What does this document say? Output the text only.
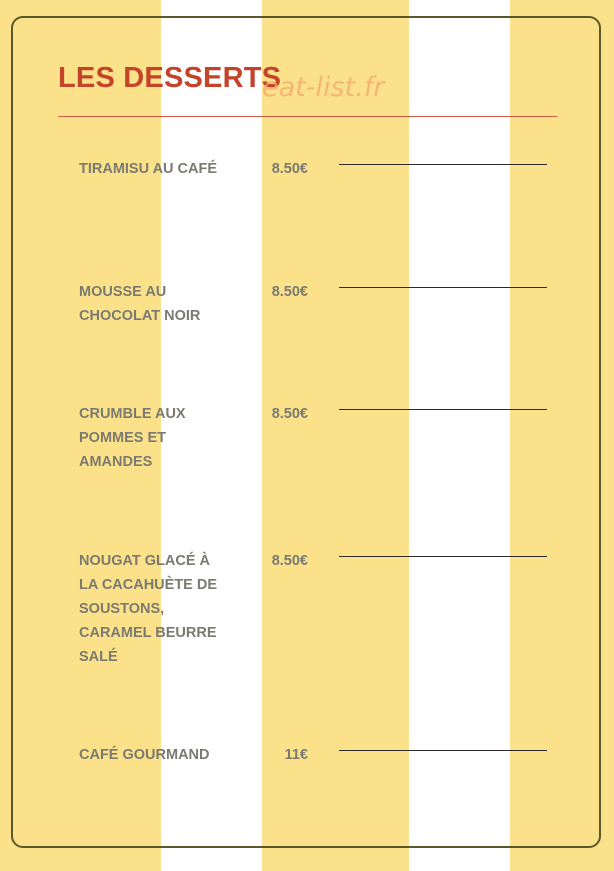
LES DESSERTS
eat-list.fr
TIRAMISU AU CAFÉ	8.50€
MOUSSE AU CHOCOLAT NOIR
8.50€
CRUMBLE AUX POMMES ET AMANDES
8.50€
NOUGAT GLACÉ À LA CACAHUÈTE DE SOUSTONS, CARAMEL BEURRE SALÉ
8.50€
CAFÉ GOURMAND	11€
